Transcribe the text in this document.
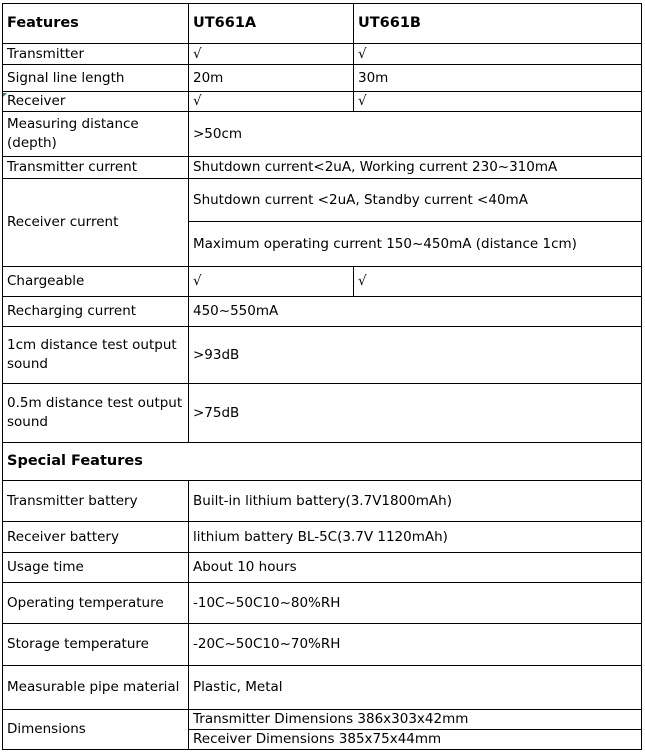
Features	UT661A	UT661B
Transmitter	√	√
Signal line length	20m	30m
Receiver	√	√
Measuring distance (depth)	>50cm	
Transmitter current	Shutdown current<2uA, Working current 230~310mA	
Receiver current	Shutdown current <2uA, Standby current <40mA	
	Maximum operating current 150~450mA (distance 1cm)	
Chargeable	√	√
Recharging current	450~550mA	
1cm distance test output sound	>93dB	
0.5m distance test output sound	>75dB	
Special Features		
Transmitter battery	Built-in lithium battery(3.7V1800mAh)	
Receiver battery	lithium battery BL-5C(3.7V 1120mAh)	
Usage time	About 10 hours	
Operating temperature	-10C~50C10~80%RH	
Storage temperature	-20C~50C10~70%RH	
Measurable pipe material	Plastic, Metal	
Dimensions	Transmitter Dimensions 386x303x42mm	
	Receiver Dimensions 385x75x44mm	
